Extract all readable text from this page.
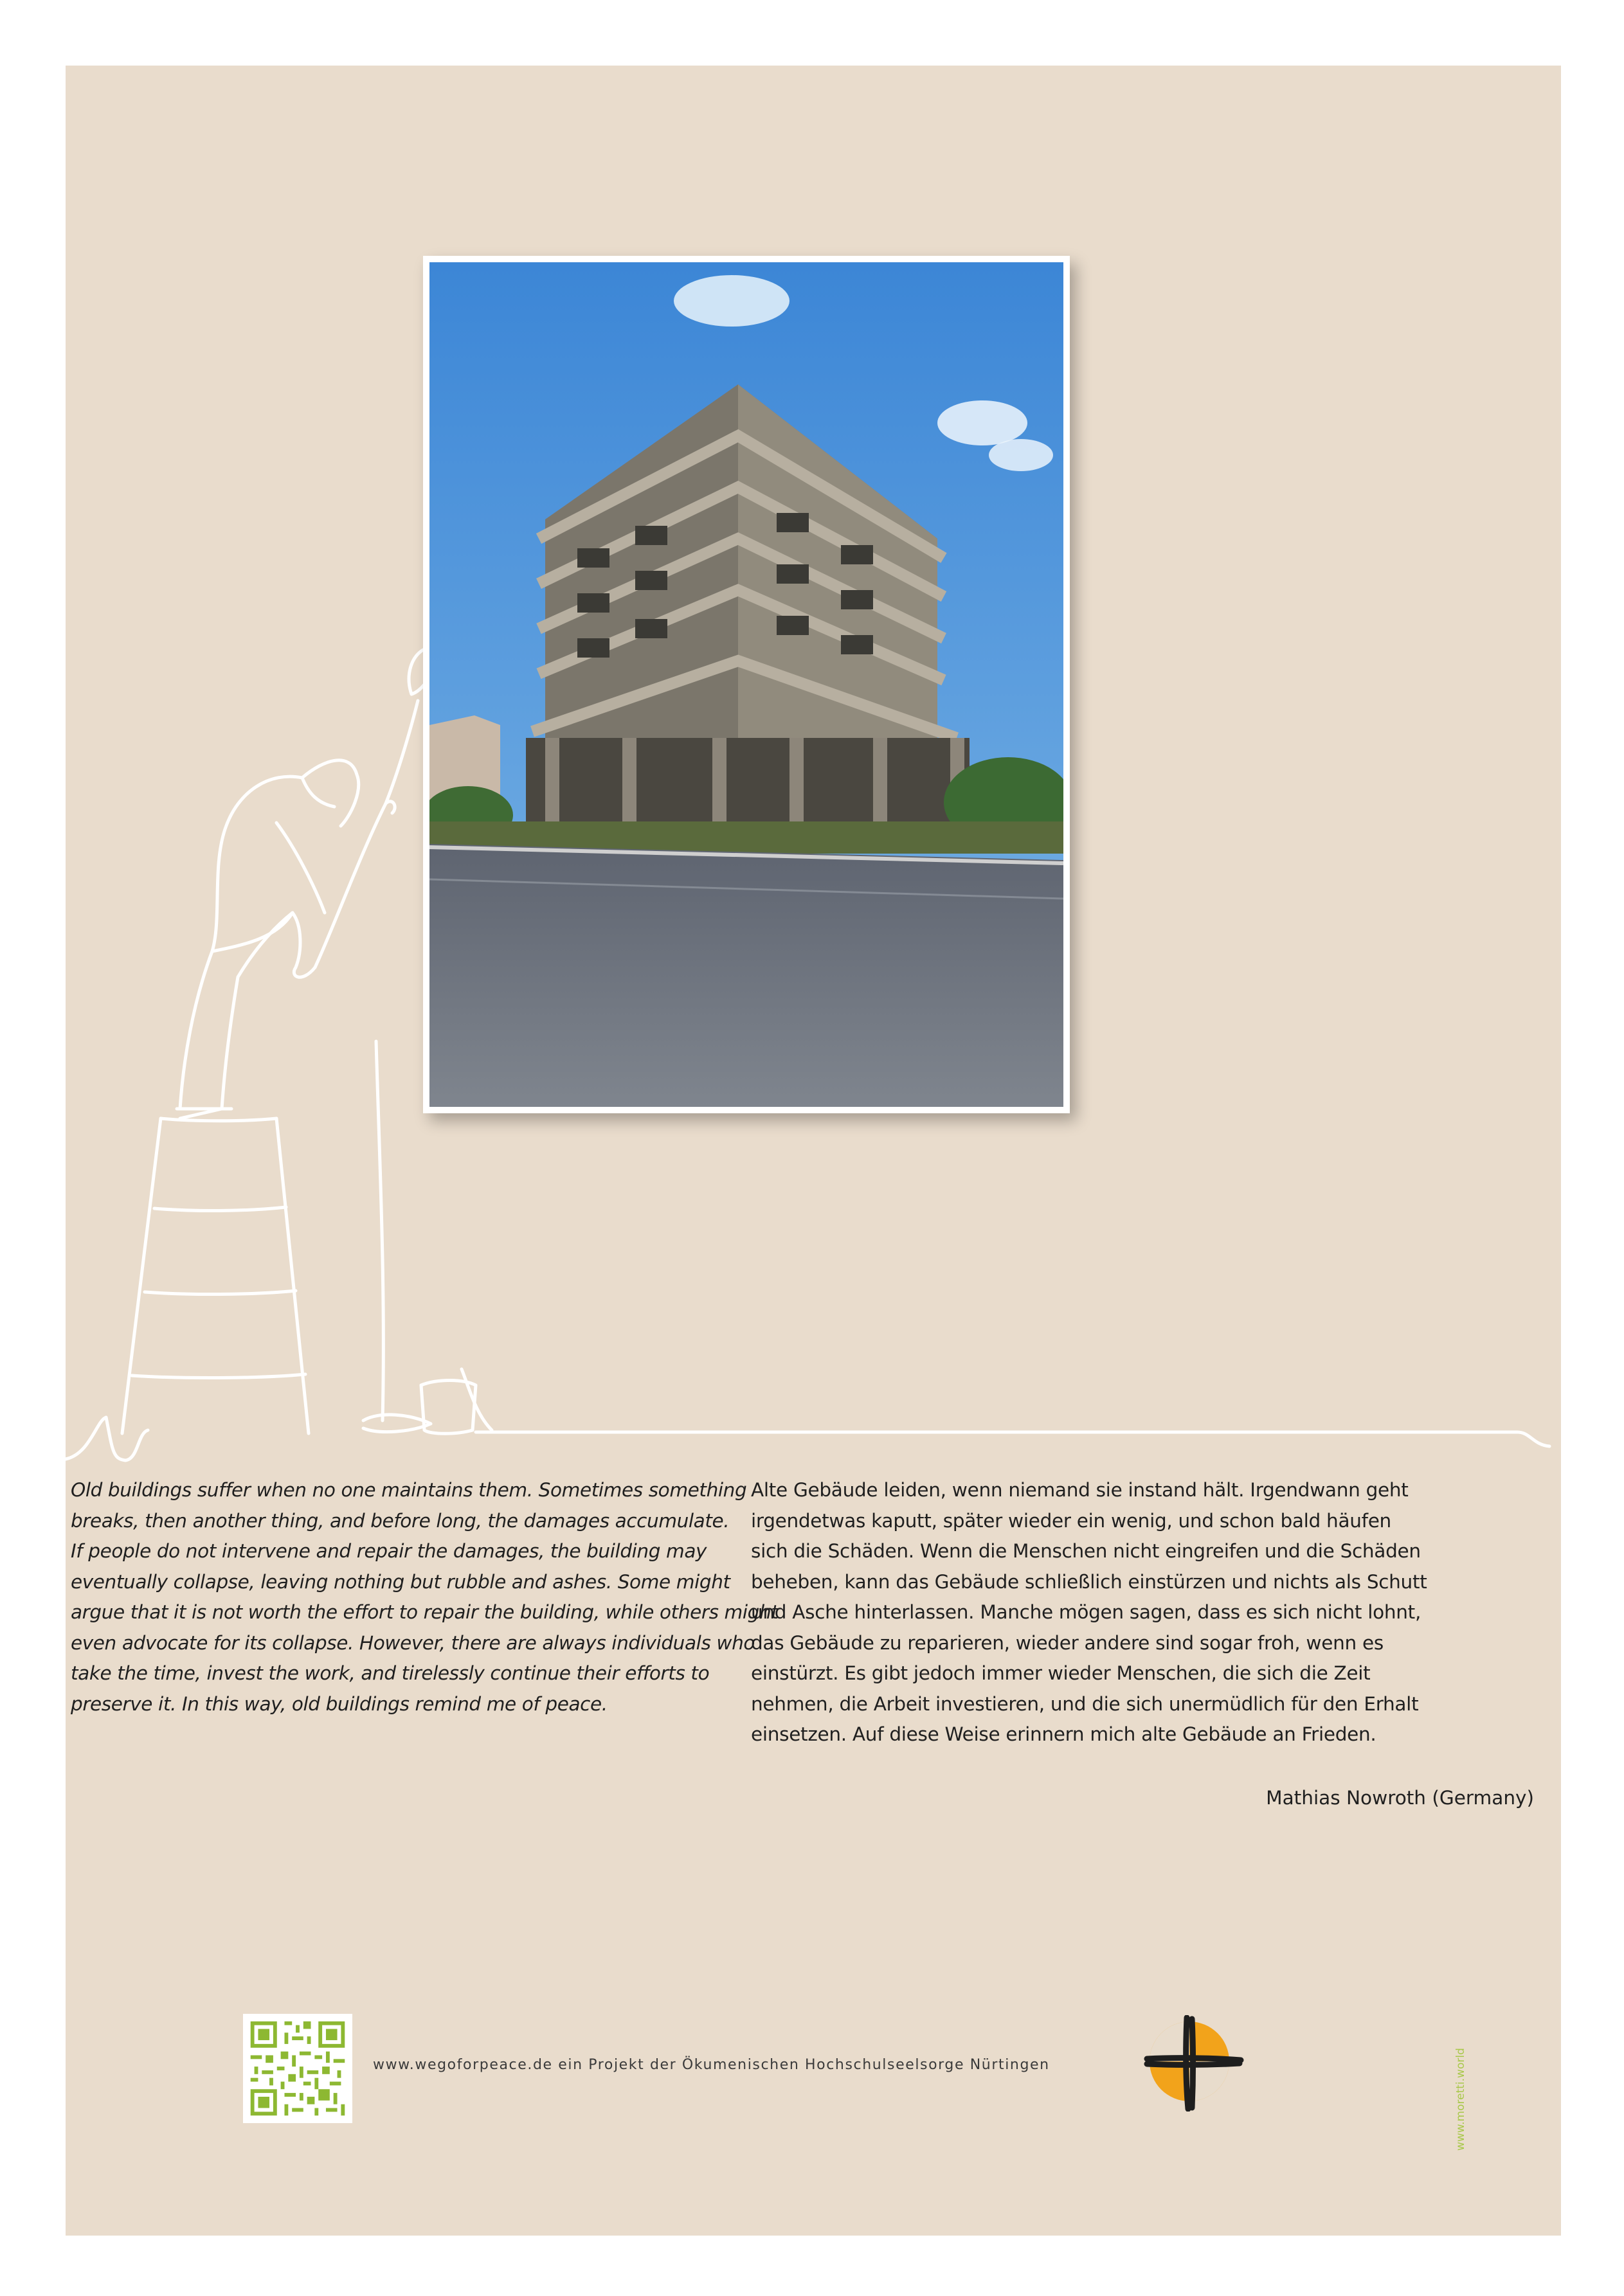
Old buildings suffer when no one maintains them. Sometimes something
breaks, then another thing, and before long, the damages accumulate.
If people do not intervene and repair the damages, the building may
eventually collapse, leaving nothing but rubble and ashes. Some might
argue that it is not worth the effort to repair the building, while others might
even advocate for its collapse. However, there are always individuals who
take the time, invest the work, and tirelessly continue their efforts to
preserve it. In this way, old buildings remind me of peace.

Alte Gebäude leiden, wenn niemand sie instand hält. Irgendwann geht
irgendetwas kaputt, später wieder ein wenig, und schon bald häufen
sich die Schäden. Wenn die Menschen nicht eingreifen und die Schäden
beheben, kann das Gebäude schließlich einstürzen und nichts als Schutt
und Asche hinterlassen. Manche mögen sagen, dass es sich nicht lohnt,
das Gebäude zu reparieren, wieder andere sind sogar froh, wenn es
einstürzt. Es gibt jedoch immer wieder Menschen, die sich die Zeit
nehmen, die Arbeit investieren, und die sich unermüdlich für den Erhalt
einsetzen. Auf diese Weise erinnern mich alte Gebäude an Frieden.

Mathias Nowroth (Germany)
www.wegoforpeace.de ein Projekt der Ökumenischen Hochschulseelsorge Nürtingen	www.moretti.world
